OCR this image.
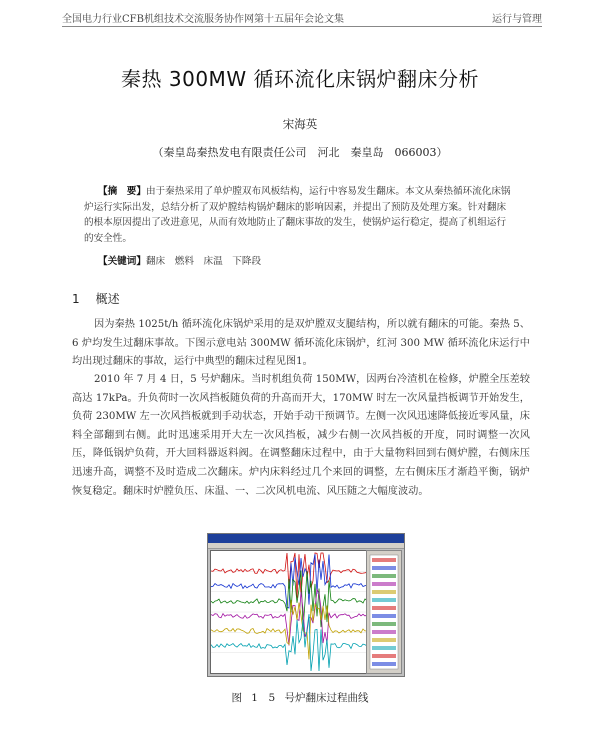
全国电力行业CFB机组技术交流服务协作网第十五届年会论文集	运行与管理
秦热 300MW 循环流化床锅炉翻床分析
宋海英
（秦皇岛秦热发电有限责任公司　河北　秦皇岛　066003）
【摘　要】由于秦热采用了单炉膛双布风板结构，运行中容易发生翻床。本文从秦热循环流化床锅炉运行实际出发，总结分析了双炉膛结构锅炉翻床的影响因素，并提出了预防及处理方案。针对翻床的根本原因提出了改进意见，从而有效地防止了翻床事故的发生，使锅炉运行稳定，提高了机组运行的安全性。
【关键词】翻床　燃料　床温　下降段
1 概述
因为秦热 1025t/h 循环流化床锅炉采用的是双炉膛双支腿结构，所以就有翻床的可能。秦热 5、6 炉均发生过翻床事故。下图示意电站 300MW 循环流化床锅炉，红河 300 MW 循环流化床运行中均出现过翻床的事故，运行中典型的翻床过程见图1。
2010 年 7 月 4 日，5 号炉翻床。当时机组负荷 150MW，因两台冷渣机在检修，炉膛全压差较高达 17kPa。升负荷时一次风挡板随负荷的升高而开大，170MW 时左一次风量挡板调节开始发生，负荷 230MW 左一次风挡板就到手动状态，开始手动干预调节。左侧一次风迅速降低接近零风量，床料全部翻到右侧。此时迅速采用开大左一次风挡板，减少右侧一次风挡板的开度，同时调整一次风压，降低锅炉负荷，开大回料器返料阀。在调整翻床过程中，由于大量物料回到右侧炉膛，右侧床压迅速升高，调整不及时造成二次翻床。炉内床料经过几个来回的调整，左右侧床压才渐趋平衡，锅炉恢复稳定。翻床时炉膛负压、床温、一、二次风机电流、风压随之大幅度波动。
图 1　5 号炉翻床过程曲线
